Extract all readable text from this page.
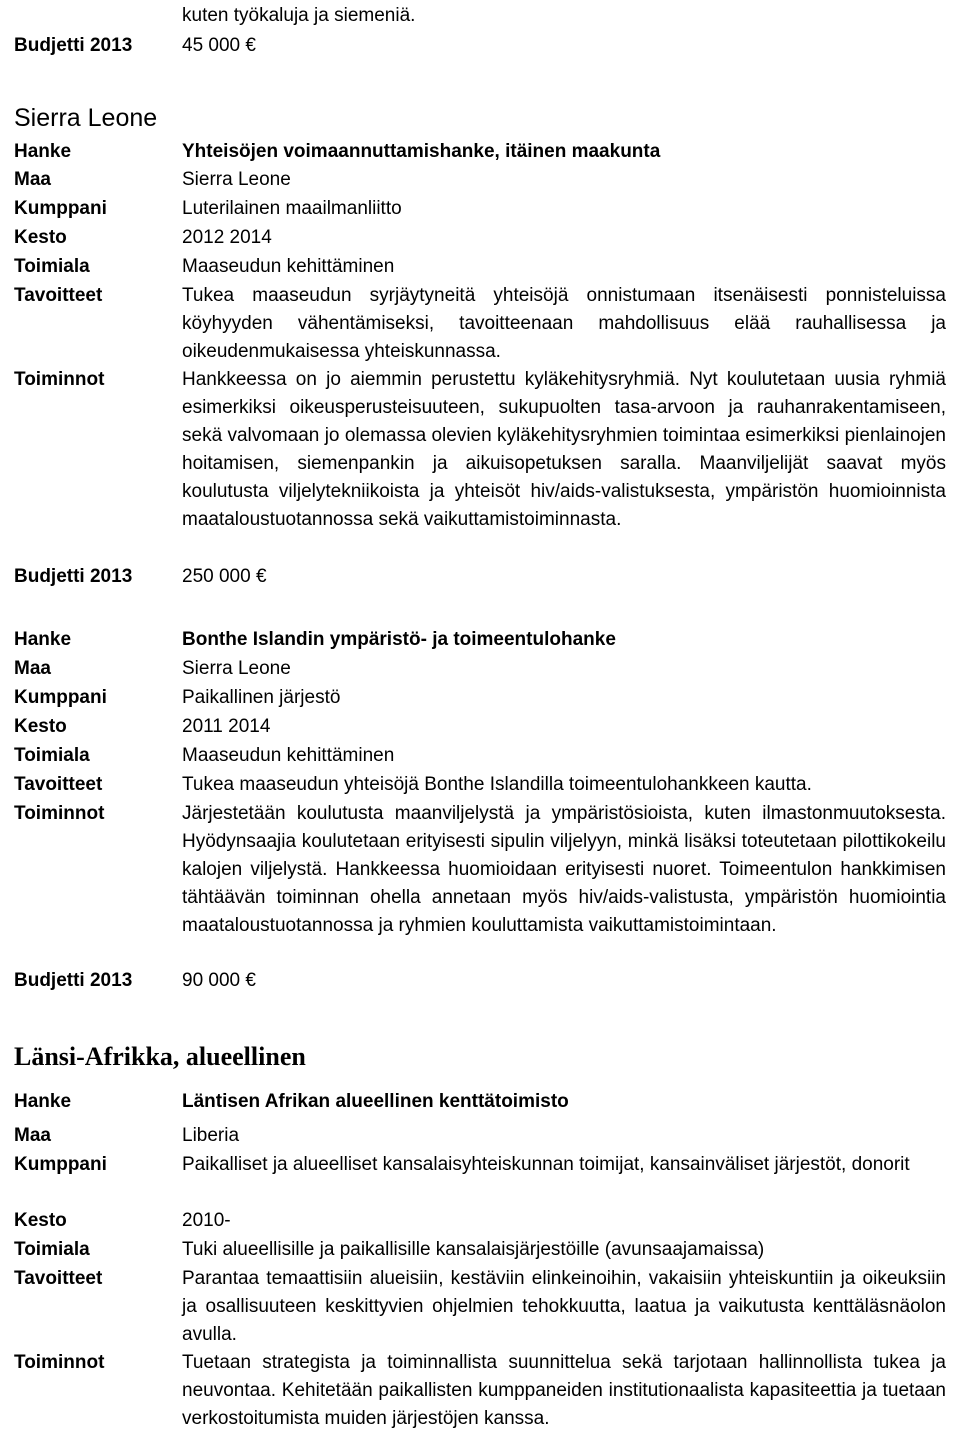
kuten työkaluja ja siemeniä.
Budjetti 2013	45 000 €
Sierra Leone
Hanke	Yhteisöjen voimaannuttamishanke, itäinen maakunta
Maa	Sierra Leone
Kumppani	Luterilainen maailmanliitto
Kesto	2012 2014
Toimiala	Maaseudun kehittäminen
Tavoitteet	Tukea maaseudun syrjäytyneitä yhteisöjä onnistumaan itsenäisesti ponnisteluissa köyhyyden vähentämiseksi, tavoitteenaan mahdollisuus elää rauhallisessa ja oikeudenmukaisessa yhteiskunnassa.
Toiminnot	Hankkeessa on jo aiemmin perustettu kyläkehitysryhmiä. Nyt koulutetaan uusia ryhmiä esimerkiksi oikeusperusteisuuteen, sukupuolten tasa-arvoon ja rauhanrakentamiseen, sekä valvomaan jo olemassa olevien kyläkehitysryhmien toimintaa esimerkiksi pienlainojen hoitamisen, siemenpankin ja aikuisopetuksen saralla. Maanviljelijät saavat myös koulutusta viljelytekniikoista ja yhteisöt hiv/aids-valistuksesta, ympäristön huomioinnista maataloustuotannossa sekä vaikuttamistoiminnasta.
Budjetti 2013	250 000 €
Hanke	Bonthe Islandin ympäristö- ja toimeentulohanke
Maa	Sierra Leone
Kumppani	Paikallinen järjestö
Kesto	2011 2014
Toimiala	Maaseudun kehittäminen
Tavoitteet	Tukea maaseudun yhteisöjä Bonthe Islandilla toimeentulohankkeen kautta.
Toiminnot	Järjestetään koulutusta maanviljelystä ja ympäristösioista, kuten ilmastonmuutoksesta. Hyödynsaajia koulutetaan erityisesti sipulin viljelyyn, minkä lisäksi toteutetaan pilottikokeilu kalojen viljelystä. Hankkeessa huomioidaan erityisesti nuoret. Toimeentulon hankkimisen tähtäävän toiminnan ohella annetaan myös hiv/aids-valistusta, ympäristön huomiointia maataloustuotannossa ja ryhmien kouluttamista vaikuttamistoimintaan.
Budjetti 2013	90 000 €
Länsi-Afrikka, alueellinen
Hanke	Läntisen Afrikan alueellinen kenttätoimisto
Maa	Liberia
Kumppani	Paikalliset ja alueelliset kansalaisyhteiskunnan toimijat, kansainväliset järjestöt, donorit
Kesto	2010-
Toimiala	Tuki alueellisille ja paikallisille kansalaisjärjestöille (avunsaajamaissa)
Tavoitteet	Parantaa temaattisiin alueisiin, kestäviin elinkeinoihin, vakaisiin yhteiskuntiin ja oikeuksiin ja osallisuuteen keskittyvien ohjelmien tehokkuutta, laatua ja vaikutusta kenttäläsnäolon avulla.
Toiminnot	Tuetaan strategista ja toiminnallista suunnittelua sekä tarjotaan hallinnollista tukea ja neuvontaa. Kehitetään paikallisten kumppaneiden institutionaalista kapasiteettia ja tuetaan verkostoitumista muiden järjestöjen kanssa.
